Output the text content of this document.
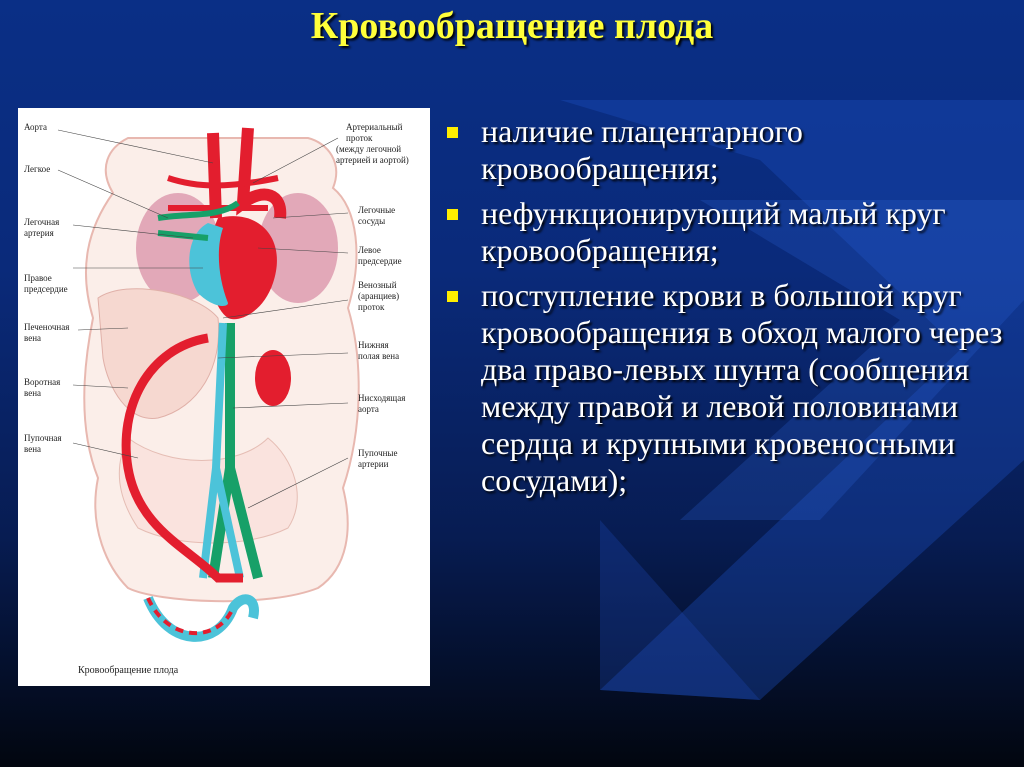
Кровообращение плода
Аорта
Легкое
Легочная
артерия
Правое
предсердие
Печеночная
вена
Воротная
вена
Пупочная
вена
Артериальный
проток
(между легочной
артерией и аортой)
Легочные
сосуды
Левое
предсердие
Венозный
(аранциев)
проток
Нижняя
полая вена
Нисходящая
аорта
Пупочные
артерии
Кровообращение плода
наличие плацентарного кровообращения;
нефункционирующий малый круг кровообращения;
поступление крови в большой круг кровообращения в обход малого через два право-левых шунта (сообщения между правой и левой половинами сердца и крупными кровеносными сосудами);
